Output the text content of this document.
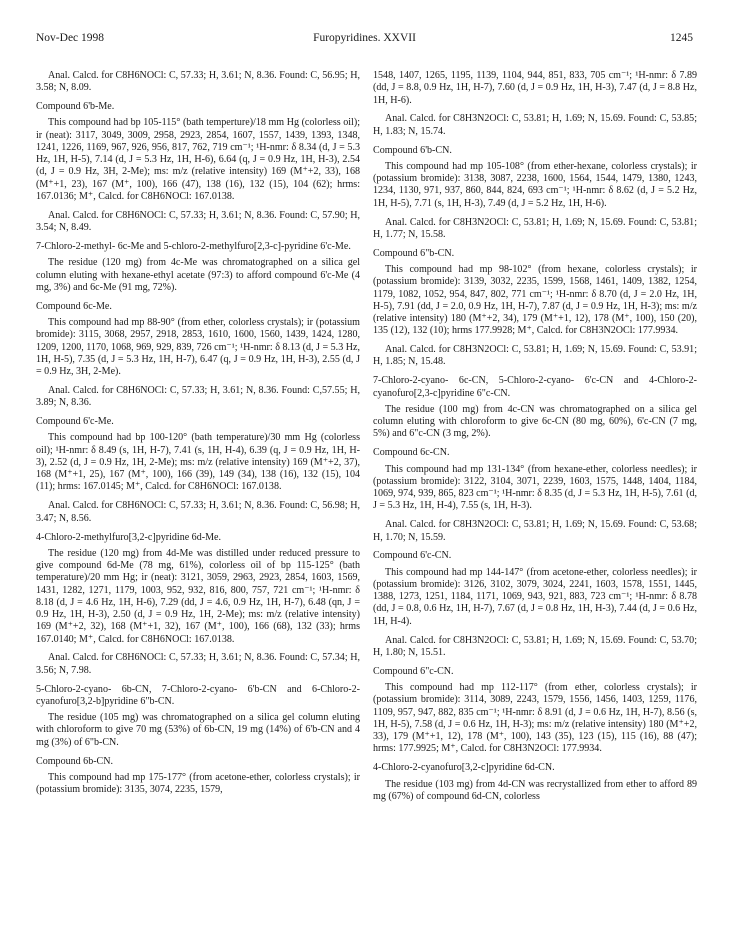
Nov-Dec 1998	Furopyridines. XXVII	1245

Anal. Calcd. for C8H6NOCl: C, 57.33; H, 3.61; N, 8.36. Found: C, 56.95; H, 3.58; N, 8.09.

Compound 6'b-Me.

This compound had bp 105-115° (bath temperture)/18 mm Hg (colorless oil); ir (neat): 3117, 3049, 3009, 2958, 2923, 2854, 1607, 1557, 1439, 1393, 1348, 1241, 1226, 1169, 967, 926, 956, 817, 762, 719 cm⁻¹; ¹H-nmr: δ 8.34 (d, J = 5.3 Hz, 1H, H-5), 7.14 (d, J = 5.3 Hz, 1H, H-6), 6.64 (q, J = 0.9 Hz, 1H, H-3), 2.54 (d, J = 0.9 Hz, 3H, 2-Me); ms: m/z (relative intensity) 169 (M⁺+2, 33), 168 (M⁺+1, 23), 167 (M⁺, 100), 166 (47), 138 (16), 132 (15), 104 (62); hrms: 167.0136; M⁺, Calcd. for C8H6NOCl: 167.0138.

Anal. Calcd. for C8H6NOCl: C, 57.33; H, 3.61; N, 8.36. Found: C, 57.90; H, 3.54; N, 8.49.

7-Chloro-2-methyl- 6c-Me and 5-chloro-2-methylfuro[2,3-c]-pyridine 6'c-Me.

The residue (120 mg) from 4c-Me was chromatographed on a silica gel column eluting with hexane-ethyl acetate (97:3) to afford compound 6'c-Me (4 mg, 3%) and 6c-Me (91 mg, 72%).

Compound 6c-Me.

This compound had mp 88-90° (from ether, colorless crystals); ir (potassium bromide): 3115, 3068, 2957, 2918, 2853, 1610, 1600, 1560, 1439, 1424, 1280, 1209, 1200, 1170, 1068, 969, 929, 839, 726 cm⁻¹; ¹H-nmr: δ 8.13 (d, J = 5.3 Hz, 1H, H-5), 7.35 (d, J = 5.3 Hz, 1H, H-7), 6.47 (q, J = 0.9 Hz, 1H, H-3), 2.55 (d, J = 0.9 Hz, 3H, 2-Me).

Anal. Calcd. for C8H6NOCl: C, 57.33; H, 3.61; N, 8.36. Found: C,57.55; H, 3.89; N, 8.36.

Compound 6'c-Me.

This compound had bp 100-120° (bath temperature)/30 mm Hg (colorless oil); ¹H-nmr: δ 8.49 (s, 1H, H-7), 7.41 (s, 1H, H-4), 6.39 (q, J = 0.9 Hz, 1H, H-3), 2.52 (d, J = 0.9 Hz, 1H, 2-Me); ms: m/z (relative intensity) 169 (M⁺+2, 37), 168 (M⁺+1, 25), 167 (M⁺, 100), 166 (39), 149 (34), 138 (16), 132 (15), 104 (11); hrms: 167.0145; M⁺, Calcd. for C8H6NOCl: 167.0138.

Anal. Calcd. for C8H6NOCl: C, 57.33; H, 3.61; N, 8.36. Found: C, 56.98; H, 3.47; N, 8.56.

4-Chloro-2-methylfuro[3,2-c]pyridine 6d-Me.

The residue (120 mg) from 4d-Me was distilled under reduced pressure to give compound 6d-Me (78 mg, 61%), colorless oil of bp 115-125° (bath temperature)/20 mm Hg; ir (neat): 3121, 3059, 2963, 2923, 2854, 1603, 1569, 1431, 1282, 1271, 1179, 1003, 952, 932, 816, 800, 757, 721 cm⁻¹; ¹H-nmr: δ 8.18 (d, J = 4.6 Hz, 1H, H-6), 7.29 (dd, J = 4.6, 0.9 Hz, 1H, H-7), 6.48 (qn, J = 0.9 Hz, 1H, H-3), 2.50 (d, J = 0.9 Hz, 1H, 2-Me); ms: m/z (relative intensity) 169 (M⁺+2, 32), 168 (M⁺+1, 32), 167 (M⁺, 100), 166 (68), 132 (33); hrms 167.0140; M⁺, Calcd. for C8H6NOCl: 167.0138.

Anal. Calcd. for C8H6NOCl: C, 57.33; H, 3.61; N, 8.36. Found: C, 57.34; H, 3.56; N, 7.98.

5-Chloro-2-cyano- 6b-CN, 7-Chloro-2-cyano- 6'b-CN and 6-Chloro-2-cyanofuro[3,2-b]pyridine 6"b-CN.

The residue (105 mg) was chromatographed on a silica gel column eluting with chloroform to give 70 mg (53%) of 6b-CN, 19 mg (14%) of 6'b-CN and 4 mg (3%) of 6"b-CN.

Compound 6b-CN.

This compound had mp 175-177° (from acetone-ether, colorless crystals); ir (potassium bromide): 3135, 3074, 2235, 1579,

1548, 1407, 1265, 1195, 1139, 1104, 944, 851, 833, 705 cm⁻¹; ¹H-nmr: δ 7.89 (dd, J = 8.8, 0.9 Hz, 1H, H-7), 7.60 (d, J = 0.9 Hz, 1H, H-3), 7.47 (d, J = 8.8 Hz, 1H, H-6).

Anal. Calcd. for C8H3N2OCl: C, 53.81; H, 1.69; N, 15.69. Found: C, 53.85; H, 1.83; N, 15.74.

Compound 6'b-CN.

This compound had mp 105-108° (from ether-hexane, colorless crystals); ir (potassium bromide): 3138, 3087, 2238, 1600, 1564, 1544, 1479, 1380, 1243, 1234, 1130, 971, 937, 860, 844, 824, 693 cm⁻¹; ¹H-nmr: δ 8.62 (d, J = 5.2 Hz, 1H, H-5), 7.71 (s, 1H, H-3), 7.49 (d, J = 5.2 Hz, 1H, H-6).

Anal. Calcd. for C8H3N2OCl: C, 53.81; H, 1.69; N, 15.69. Found: C, 53.81; H, 1.77; N, 15.58.

Compound 6"b-CN.

This compound had mp 98-102° (from hexane, colorless crystals); ir (potassium bromide): 3139, 3032, 2235, 1599, 1568, 1461, 1409, 1382, 1254, 1179, 1082, 1052, 954, 847, 802, 771 cm⁻¹; ¹H-nmr: δ 8.70 (d, J = 2.0 Hz, 1H, H-5), 7.91 (dd, J = 2.0, 0.9 Hz, 1H, H-7), 7.87 (d, J = 0.9 Hz, 1H, H-3); ms: m/z (relative intensity) 180 (M⁺+2, 34), 179 (M⁺+1, 12), 178 (M⁺, 100), 150 (20), 135 (12), 132 (10); hrms 177.9928; M⁺, Calcd. for C8H3N2OCl: 177.9934.

Anal. Calcd. for C8H3N2OCl: C, 53.81; H, 1.69; N, 15.69. Found: C, 53.91; H, 1.85; N, 15.48.

7-Chloro-2-cyano- 6c-CN, 5-Chloro-2-cyano- 6'c-CN and 4-Chloro-2-cyanofuro[2,3-c]pyridine 6"c-CN.

The residue (100 mg) from 4c-CN was chromatographed on a silica gel column eluting with chloroform to give 6c-CN (80 mg, 60%), 6'c-CN (7 mg, 5%) and 6"c-CN (3 mg, 2%).

Compound 6c-CN.

This compound had mp 131-134° (from hexane-ether, colorless needles); ir (potassium bromide): 3122, 3104, 3071, 2239, 1603, 1575, 1448, 1404, 1184, 1069, 974, 939, 865, 823 cm⁻¹; ¹H-nmr: δ 8.35 (d, J = 5.3 Hz, 1H, H-5), 7.61 (d, J = 5.3 Hz, 1H, H-4), 7.55 (s, 1H, H-3).

Anal. Calcd. for C8H3N2OCl: C, 53.81; H, 1.69; N, 15.69. Found: C, 53.68; H, 1.70; N, 15.59.

Compound 6'c-CN.

This compound had mp 144-147° (from acetone-ether, colorless needles); ir (potassium bromide): 3126, 3102, 3079, 3024, 2241, 1603, 1578, 1551, 1445, 1388, 1273, 1251, 1184, 1171, 1069, 943, 921, 883, 723 cm⁻¹; ¹H-nmr: δ 8.78 (dd, J = 0.8, 0.6 Hz, 1H, H-7), 7.67 (d, J = 0.8 Hz, 1H, H-3), 7.44 (d, J = 0.6 Hz, 1H, H-4).

Anal. Calcd. for C8H3N2OCl: C, 53.81; H, 1.69; N, 15.69. Found: C, 53.70; H, 1.80; N, 15.51.

Compound 6"c-CN.

This compound had mp 112-117° (from ether, colorless crystals); ir (potassium bromide): 3114, 3089, 2243, 1579, 1556, 1456, 1403, 1259, 1176, 1109, 957, 947, 882, 835 cm⁻¹; ¹H-nmr: δ 8.91 (d, J = 0.6 Hz, 1H, H-7), 8.56 (s, 1H, H-5), 7.58 (d, J = 0.6 Hz, 1H, H-3); ms: m/z (relative intensity) 180 (M⁺+2, 33), 179 (M⁺+1, 12), 178 (M⁺, 100), 143 (35), 123 (15), 115 (16), 88 (47); hrms: 177.9925; M⁺, Calcd. for C8H3N2OCl: 177.9934.

4-Chloro-2-cyanofuro[3,2-c]pyridine 6d-CN.

The residue (103 mg) from 4d-CN was recrystallized from ether to afford 89 mg (67%) of compound 6d-CN, colorless
